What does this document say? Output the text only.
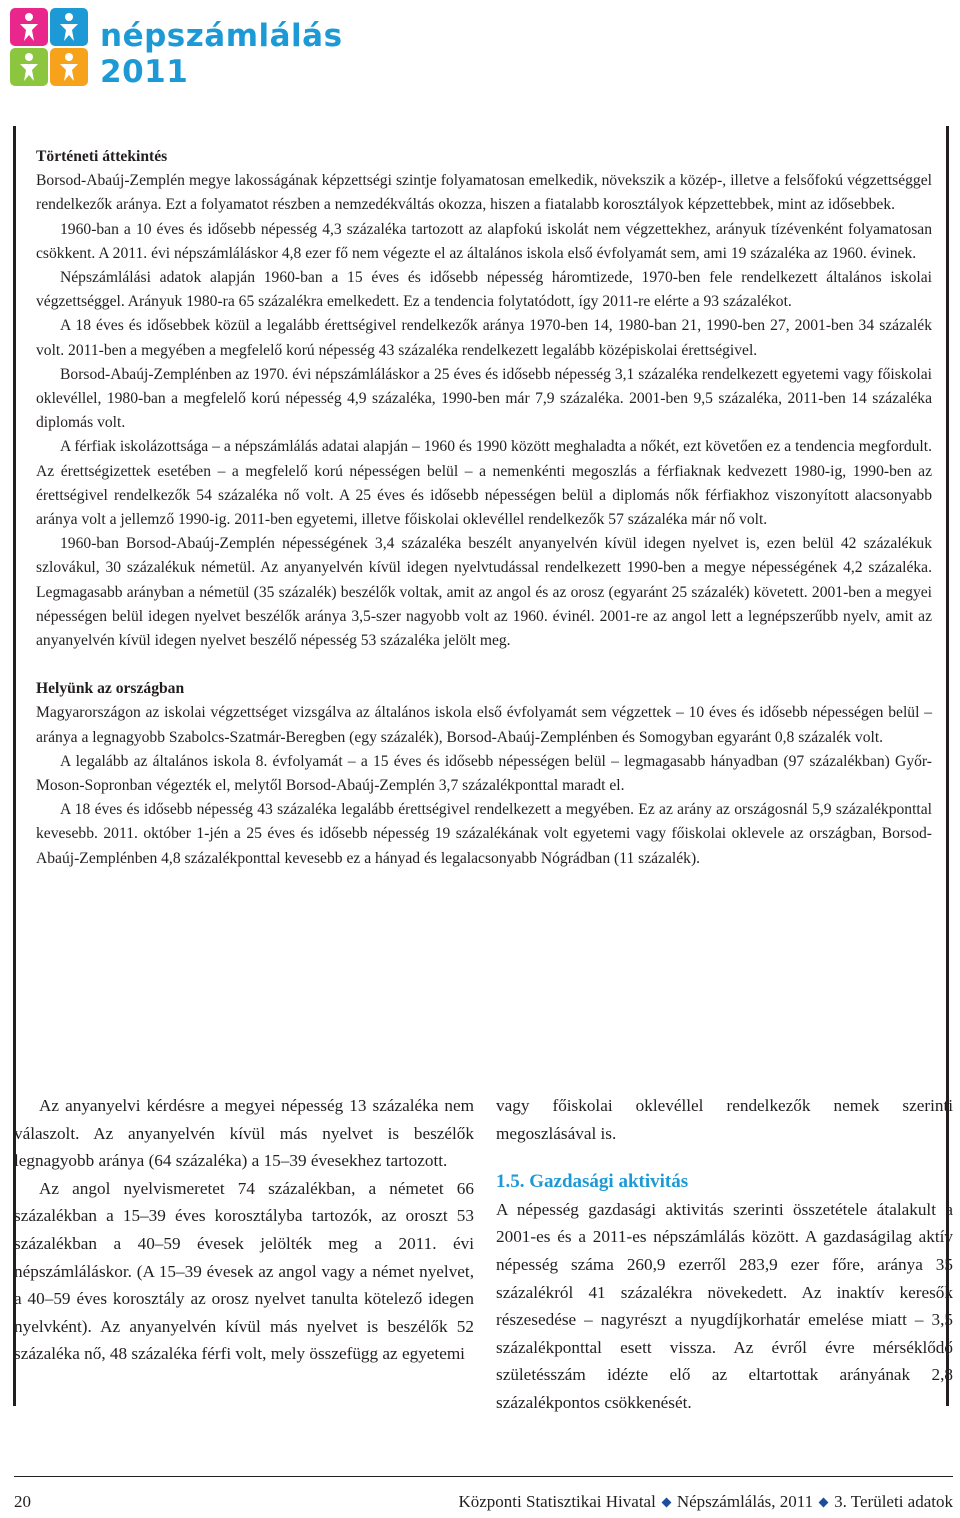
népszámlálás
2011
Történeti áttekintés

Borsod-Abaúj-Zemplén megye lakosságának képzettségi szintje folyamatosan emelkedik, növekszik a közép-, illetve a felsőfokú végzettséggel rendelkezők aránya. Ezt a folyamatot részben a nemzedékváltás okozza, hiszen a fiatalabb korosztályok képzettebbek, mint az idősebbek.

1960-ban a 10 éves és idősebb népesség 4,3 százaléka tartozott az alapfokú iskolát nem végzettekhez, arányuk tízévenként folyamatosan csökkent. A 2011. évi népszámláláskor 4,8 ezer fő nem végezte el az általános iskola első évfolyamát sem, ami 19 százaléka az 1960. évinek.

Népszámlálási adatok alapján 1960-ban a 15 éves és idősebb népesség háromtizede, 1970-ben fele rendelkezett általános iskolai végzettséggel. Arányuk 1980-ra 65 százalékra emelkedett. Ez a tendencia folytatódott, így 2011-re elérte a 93 százalékot.

A 18 éves és idősebbek közül a legalább érettségivel rendelkezők aránya 1970-ben 14, 1980-ban 21, 1990-ben 27, 2001-ben 34 százalék volt. 2011-ben a megyében a megfelelő korú népesség 43 százaléka rendelkezett legalább középiskolai érettségivel.

Borsod-Abaúj-Zemplénben az 1970. évi népszámláláskor a 25 éves és idősebb népesség 3,1 százaléka rendelkezett egyetemi vagy főiskolai oklevéllel, 1980-ban a megfelelő korú népesség 4,9 százaléka, 1990-ben már 7,9 százaléka. 2001-ben 9,5 százaléka, 2011-ben 14 százaléka diplomás volt.

A férfiak iskolázottsága – a népszámlálás adatai alapján – 1960 és 1990 között meghaladta a nőkét, ezt követően ez a tendencia megfordult. Az érettségizettek esetében – a megfelelő korú népességen belül – a nemenkénti megoszlás a férfiaknak kedvezett 1980-ig, 1990-ben az érettségivel rendelkezők 54 százaléka nő volt. A 25 éves és idősebb népességen belül a diplomás nők férfiakhoz viszonyított alacsonyabb aránya volt a jellemző 1990-ig. 2011-ben egyetemi, illetve főiskolai oklevéllel rendelkezők 57 százaléka már nő volt.

1960-ban Borsod-Abaúj-Zemplén népességének 3,4 százaléka beszélt anyanyelvén kívül idegen nyelvet is, ezen belül 42 százalékuk szlovákul, 30 százalékuk németül. Az anyanyelvén kívül idegen nyelvtudással rendelkezett 1990-ben a megye népességének 4,2 százaléka. Legmagasabb arányban a németül (35 százalék) beszélők voltak, amit az angol és az orosz (egyaránt 25 százalék) követett. 2001-ben a megyei népességen belül idegen nyelvet beszélők aránya 3,5-szer nagyobb volt az 1960. évinél. 2001-re az angol lett a legnépszerűbb nyelv, amit az anyanyelvén kívül idegen nyelvet beszélő népesség 53 százaléka jelölt meg.

Helyünk az országban

Magyarországon az iskolai végzettséget vizsgálva az általános iskola első évfolyamát sem végzettek – 10 éves és idősebb népességen belül – aránya a legnagyobb Szabolcs-Szatmár-Beregben (egy százalék), Borsod-Abaúj-Zemplénben és Somogyban egyaránt 0,8 százalék volt.

A legalább az általános iskola 8. évfolyamát – a 15 éves és idősebb népességen belül – legmagasabb hányadban (97 százalékban) Győr-Moson-Sopronban végezték el, melytől Borsod-Abaúj-Zemplén 3,7 százalékponttal maradt el.

A 18 éves és idősebb népesség 43 százaléka legalább érettségivel rendelkezett a megyében. Ez az arány az országosnál 5,9 százalékponttal kevesebb. 2011. október 1-jén a 25 éves és idősebb népesség 19 százalékának volt egyetemi vagy főiskolai oklevele az országban, Borsod-Abaúj-Zemplénben 4,8 százalékponttal kevesebb ez a hányad és legalacsonyabb Nógrádban (11 százalék).

Az anyanyelvi kérdésre a megyei népesség 13 százaléka nem válaszolt. Az anyanyelvén kívül más nyelvet is beszélők legnagyobb aránya (64 százaléka) a 15–39 évesekhez tartozott.

Az angol nyelvismeretet 74 százalékban, a németet 66 százalékban a 15–39 éves korosztályba tartozók, az oroszt 53 százalékban a 40–59 évesek jelölték meg a 2011. évi népszámláláskor. (A 15–39 évesek az angol vagy a német nyelvet, a 40–59 éves korosztály az orosz nyelvet tanulta kötelező idegen nyelvként). Az anyanyelvén kívül más nyelvet is beszélők 52 százaléka nő, 48 százaléka férfi volt, mely összefügg az egyetemi

vagy főiskolai oklevéllel rendelkezők nemek szerinti megoszlásával is.

1.5. Gazdasági aktivitás

A népesség gazdasági aktivitás szerinti összetétele átalakult a 2001-es és a 2011-es népszámlálás között. A gazdaságilag aktív népesség száma 260,9 ezerről 283,9 ezer főre, aránya 35 százalékról 41 százalékra növekedett. Az inaktív keresők részesedése – nagyrészt a nyugdíjkorhatár emelése miatt – 3,5 százalékponttal esett vissza. Az évről évre mérséklődő születésszám idézte elő az eltartottak arányának 2,8 százalékpontos csökkenését.

20	Központi Statisztikai Hivatal Népszámlálás, 2011 3. Területi adatok
